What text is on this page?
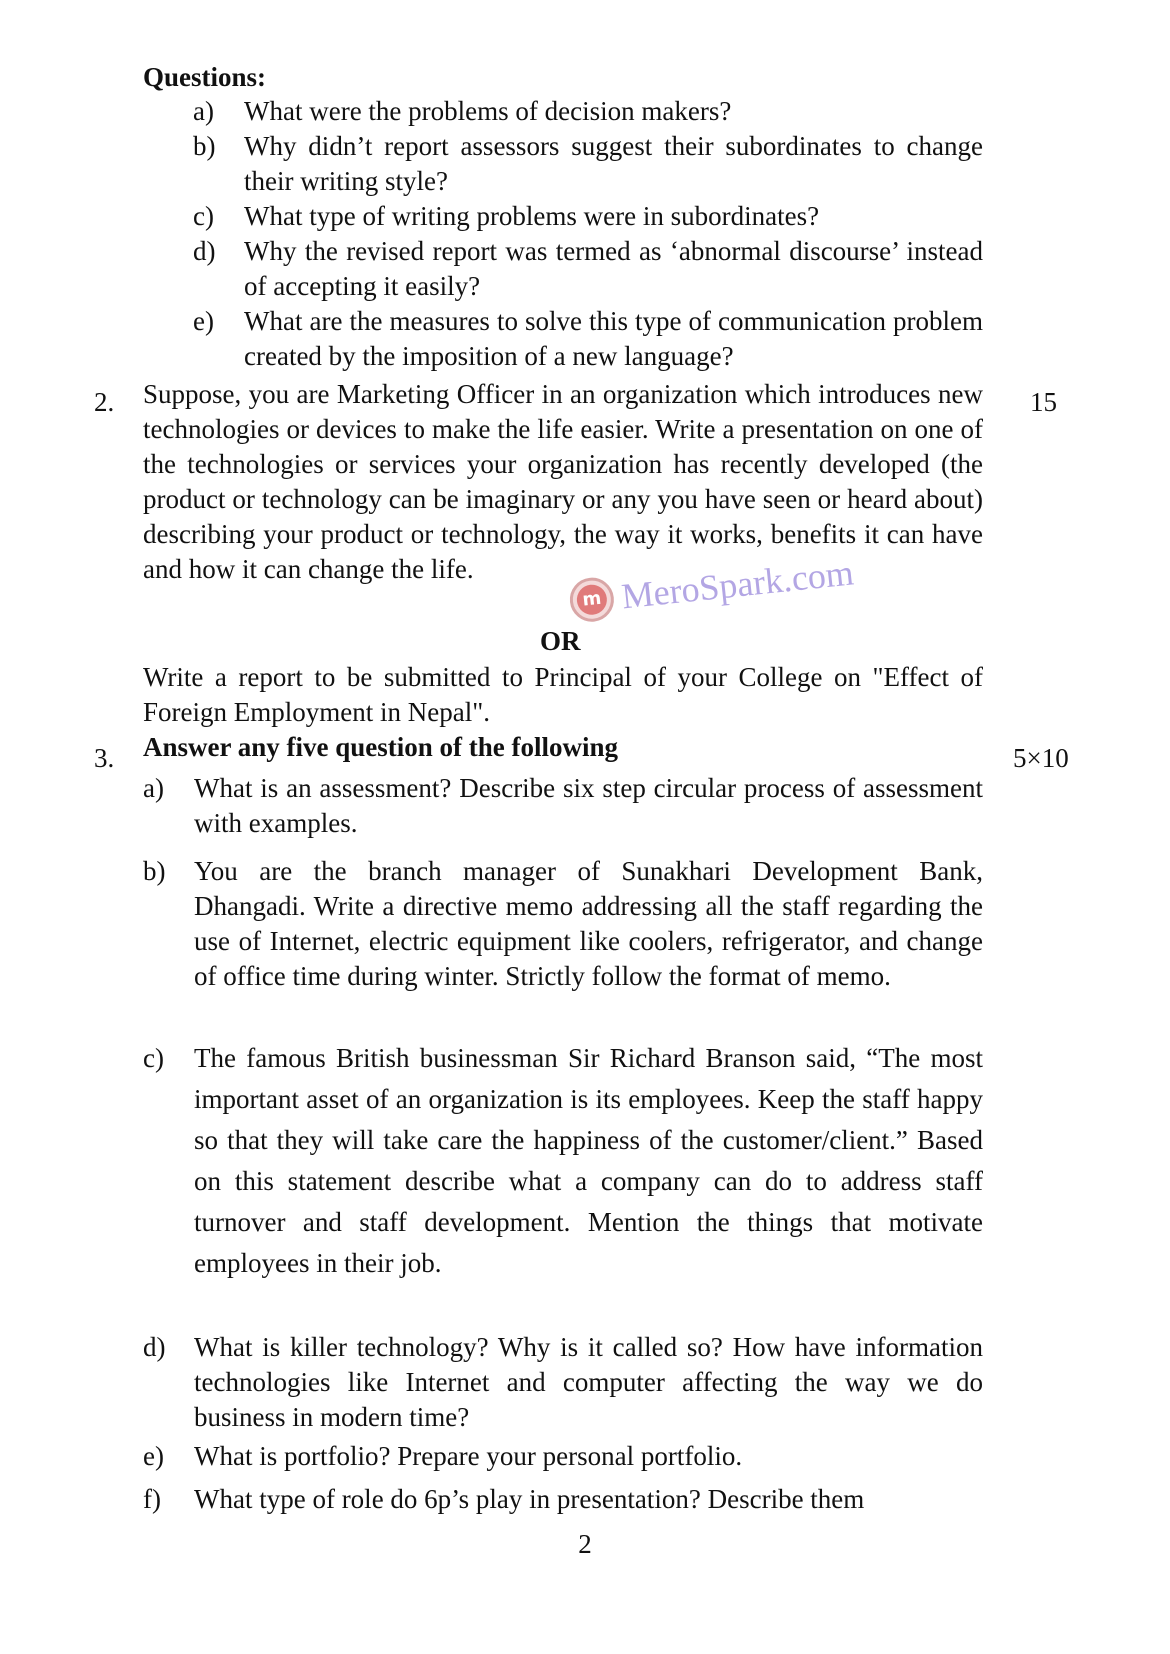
Questions:
a)	What were the problems of decision makers?
b)	Why didn’t report assessors suggest their subordinates to change their writing style?
c)	What type of writing problems were in subordinates?
d)	Why the revised report was termed as ‘abnormal discourse’ instead of accepting it easily?
e)	What are the measures to solve this type of communication problem created by the imposition of a new language?
2.	15
Suppose, you are Marketing Officer in an organization which introduces new technologies or devices to make the life easier. Write a presentation on one of the technologies or services your organization has recently developed (the product or technology can be imaginary or any you have seen or heard about) describing your product or technology, the way it works, benefits it can have and how it can change the life.
m MeroSpark.com
OR
Write a report to be submitted to Principal of your College on "Effect of Foreign Employment in Nepal".
3.	5×10
Answer any five question of the following
a)	What is an assessment? Describe six step circular process of assessment with examples.
b)	You are the branch manager of Sunakhari Development Bank, Dhangadi. Write a directive memo addressing all the staff regarding the use of Internet, electric equipment like coolers, refrigerator, and change of office time during winter. Strictly follow the format of memo.
c)	The famous British businessman Sir Richard Branson said, “The most important asset of an organization is its employees. Keep the staff happy so that they will take care the happiness of the customer/client.” Based on this statement describe what a company can do to address staff turnover and staff development. Mention the things that motivate employees in their job.
d)	What is killer technology? Why is it called so? How have information technologies like Internet and computer affecting the way we do business in modern time?
e)	What is portfolio? Prepare your personal portfolio.
f)	What type of role do 6p’s play in presentation? Describe them
2
